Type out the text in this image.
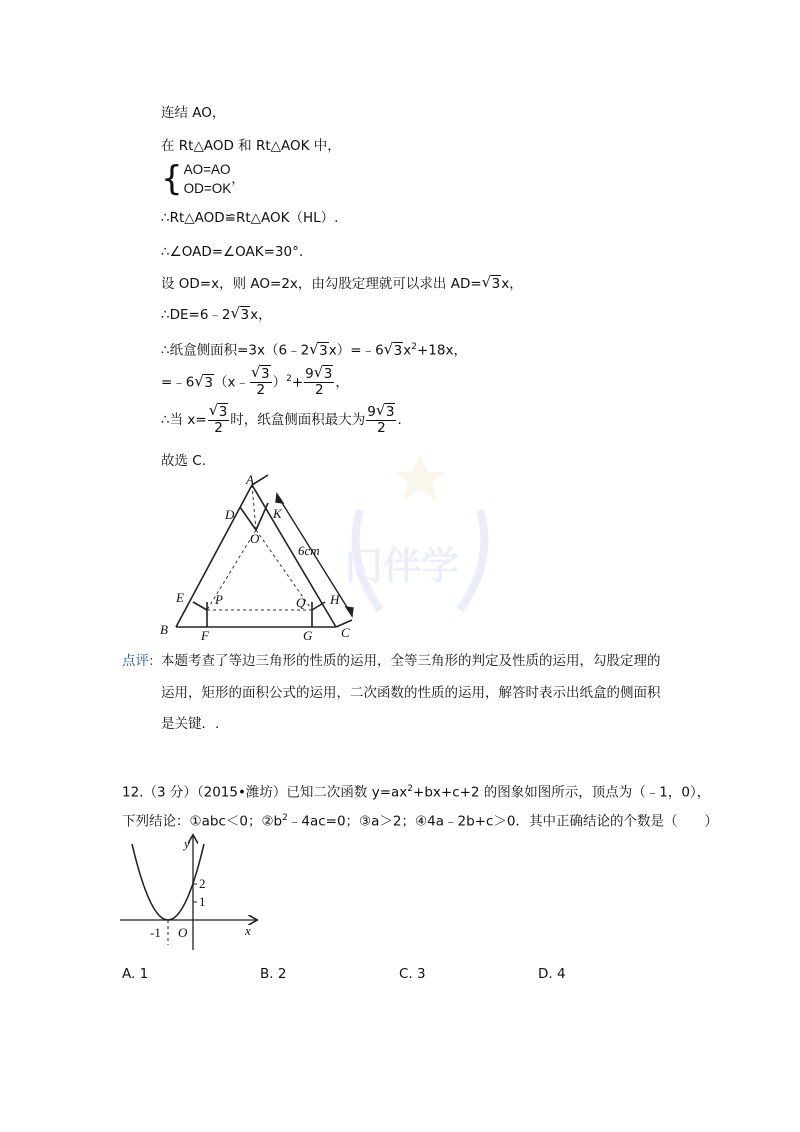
门伴学
连结 AO，
在 Rt△AOD 和 Rt△AOK 中，
{ AO=AO
OD=OK
，
∴Rt△AOD≌Rt△AOK（HL）.
∴∠OAD=∠OAK=30°.
设 OD=x，则 AO=2x，由勾股定理就可以求出 AD= √ 3x，
∴DE=6﹣2 √ 3x，
∴纸盒侧面积=3x（6﹣2 √ 3x）=﹣6 √ $3x^2+18x$，
=﹣6 √ 3（x﹣ $\frac{√ 3}{2} )^2+ \frac{9 √ 3}{2}$ ，
∴当 $x= \frac{√ 3}{2}$ 时，纸盒侧面积最大为 $\frac{9 √ 3}{2}$ .
故选 C.
A
D	K
O
6cm
E P	Q H
B	F	G C
点评: 本题考查了等边三角形的性质的运用，全等三角形的判定及性质的运用，勾股定理的
运用，矩形的面积公式的运用，二次函数的性质的运用，解答时表示出纸盒的侧面积
是关键．.
12.（3 分）（2015•潍坊）已知二次函数 $y=ax^2+bx+c+2$ 的图象如图所示，顶点为（﹣1，0），
下列结论：①abc＜0；$②b^2﹣4ac=0$；③a＞2；④4a﹣2b+c＞0．其中正确结论的个数是（　　）
y
x
O
-1
2
1
A. 1	B. 2	C. 3	D. 4
